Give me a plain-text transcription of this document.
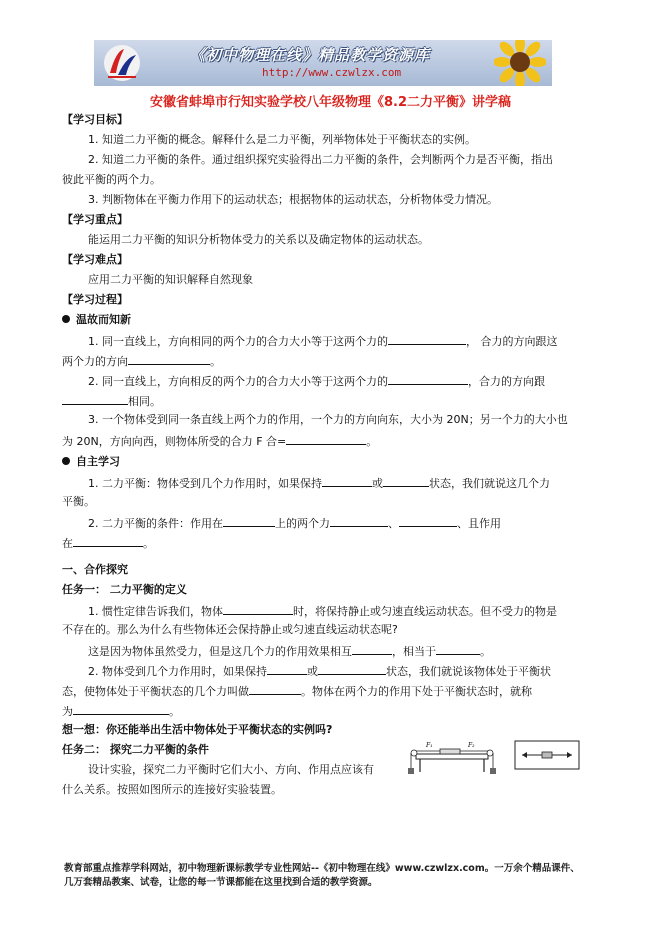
《初中物理在线》精品教学资源库
http://www.czwlzx.com
安徽省蚌埠市行知实验学校八年级物理《8.2二力平衡》讲学稿
【学习目标】
1. 知道二力平衡的概念。解释什么是二力平衡，列举物体处于平衡状态的实例。
2. 知道二力平衡的条件。通过组织探究实验得出二力平衡的条件，会判断两个力是否平衡，指出
彼此平衡的两个力。
3. 判断物体在平衡力作用下的运动状态；根据物体的运动状态，分析物体受力情况。
【学习重点】
能运用二力平衡的知识分析物体受力的关系以及确定物体的运动状态。
【学习难点】
应用二力平衡的知识解释自然现象
【学习过程】
温故而知新
1. 同一直线上，方向相同的两个力的合力大小等于这两个力的	， 合力的方向跟这
两个力的方向	。
2. 同一直线上，方向相反的两个力的合力大小等于这两个力的	，合力的方向跟
相同。
3. 一个物体受到同一条直线上两个力的作用，一个力的方向向东，大小为 20N；另一个力的大小也
为 20N，方向向西，则物体所受的合力 F 合=	。
自主学习
1. 二力平衡：物体受到几个力作用时，如果保持	或	状态，我们就说这几个力
平衡。
2. 二力平衡的条件：作用在	上的两个力	、	、且作用
在	。
一、合作探究
任务一： 二力平衡的定义
1. 惯性定律告诉我们，物体	时，将保持静止或匀速直线运动状态。但不受力的物是
不存在的。那么为什么有些物体还会保持静止或匀速直线运动状态呢?
这是因为物体虽然受力，但是这几个力的作用效果相互	，相当于	。
2. 物体受到几个力作用时，如果保持	或	状态，我们就说该物体处于平衡状
态，使物体处于平衡状态的几个力叫做	。物体在两个力的作用下处于平衡状态时，就称
为	。
想一想：你还能举出生活中物体处于平衡状态的实例吗?
任务二： 探究二力平衡的条件
设计实验，探究二力平衡时它们大小、方向、作用点应该有
什么关系。按照如图所示的连接好实验装置。
F₁	F₂
教育部重点推荐学科网站，初中物理新课标教学专业性网站--《初中物理在线》www.czwlzx.com。一万余个精品课件、
几万套精品教案、试卷，让您的每一节课都能在这里找到合适的教学资源。
